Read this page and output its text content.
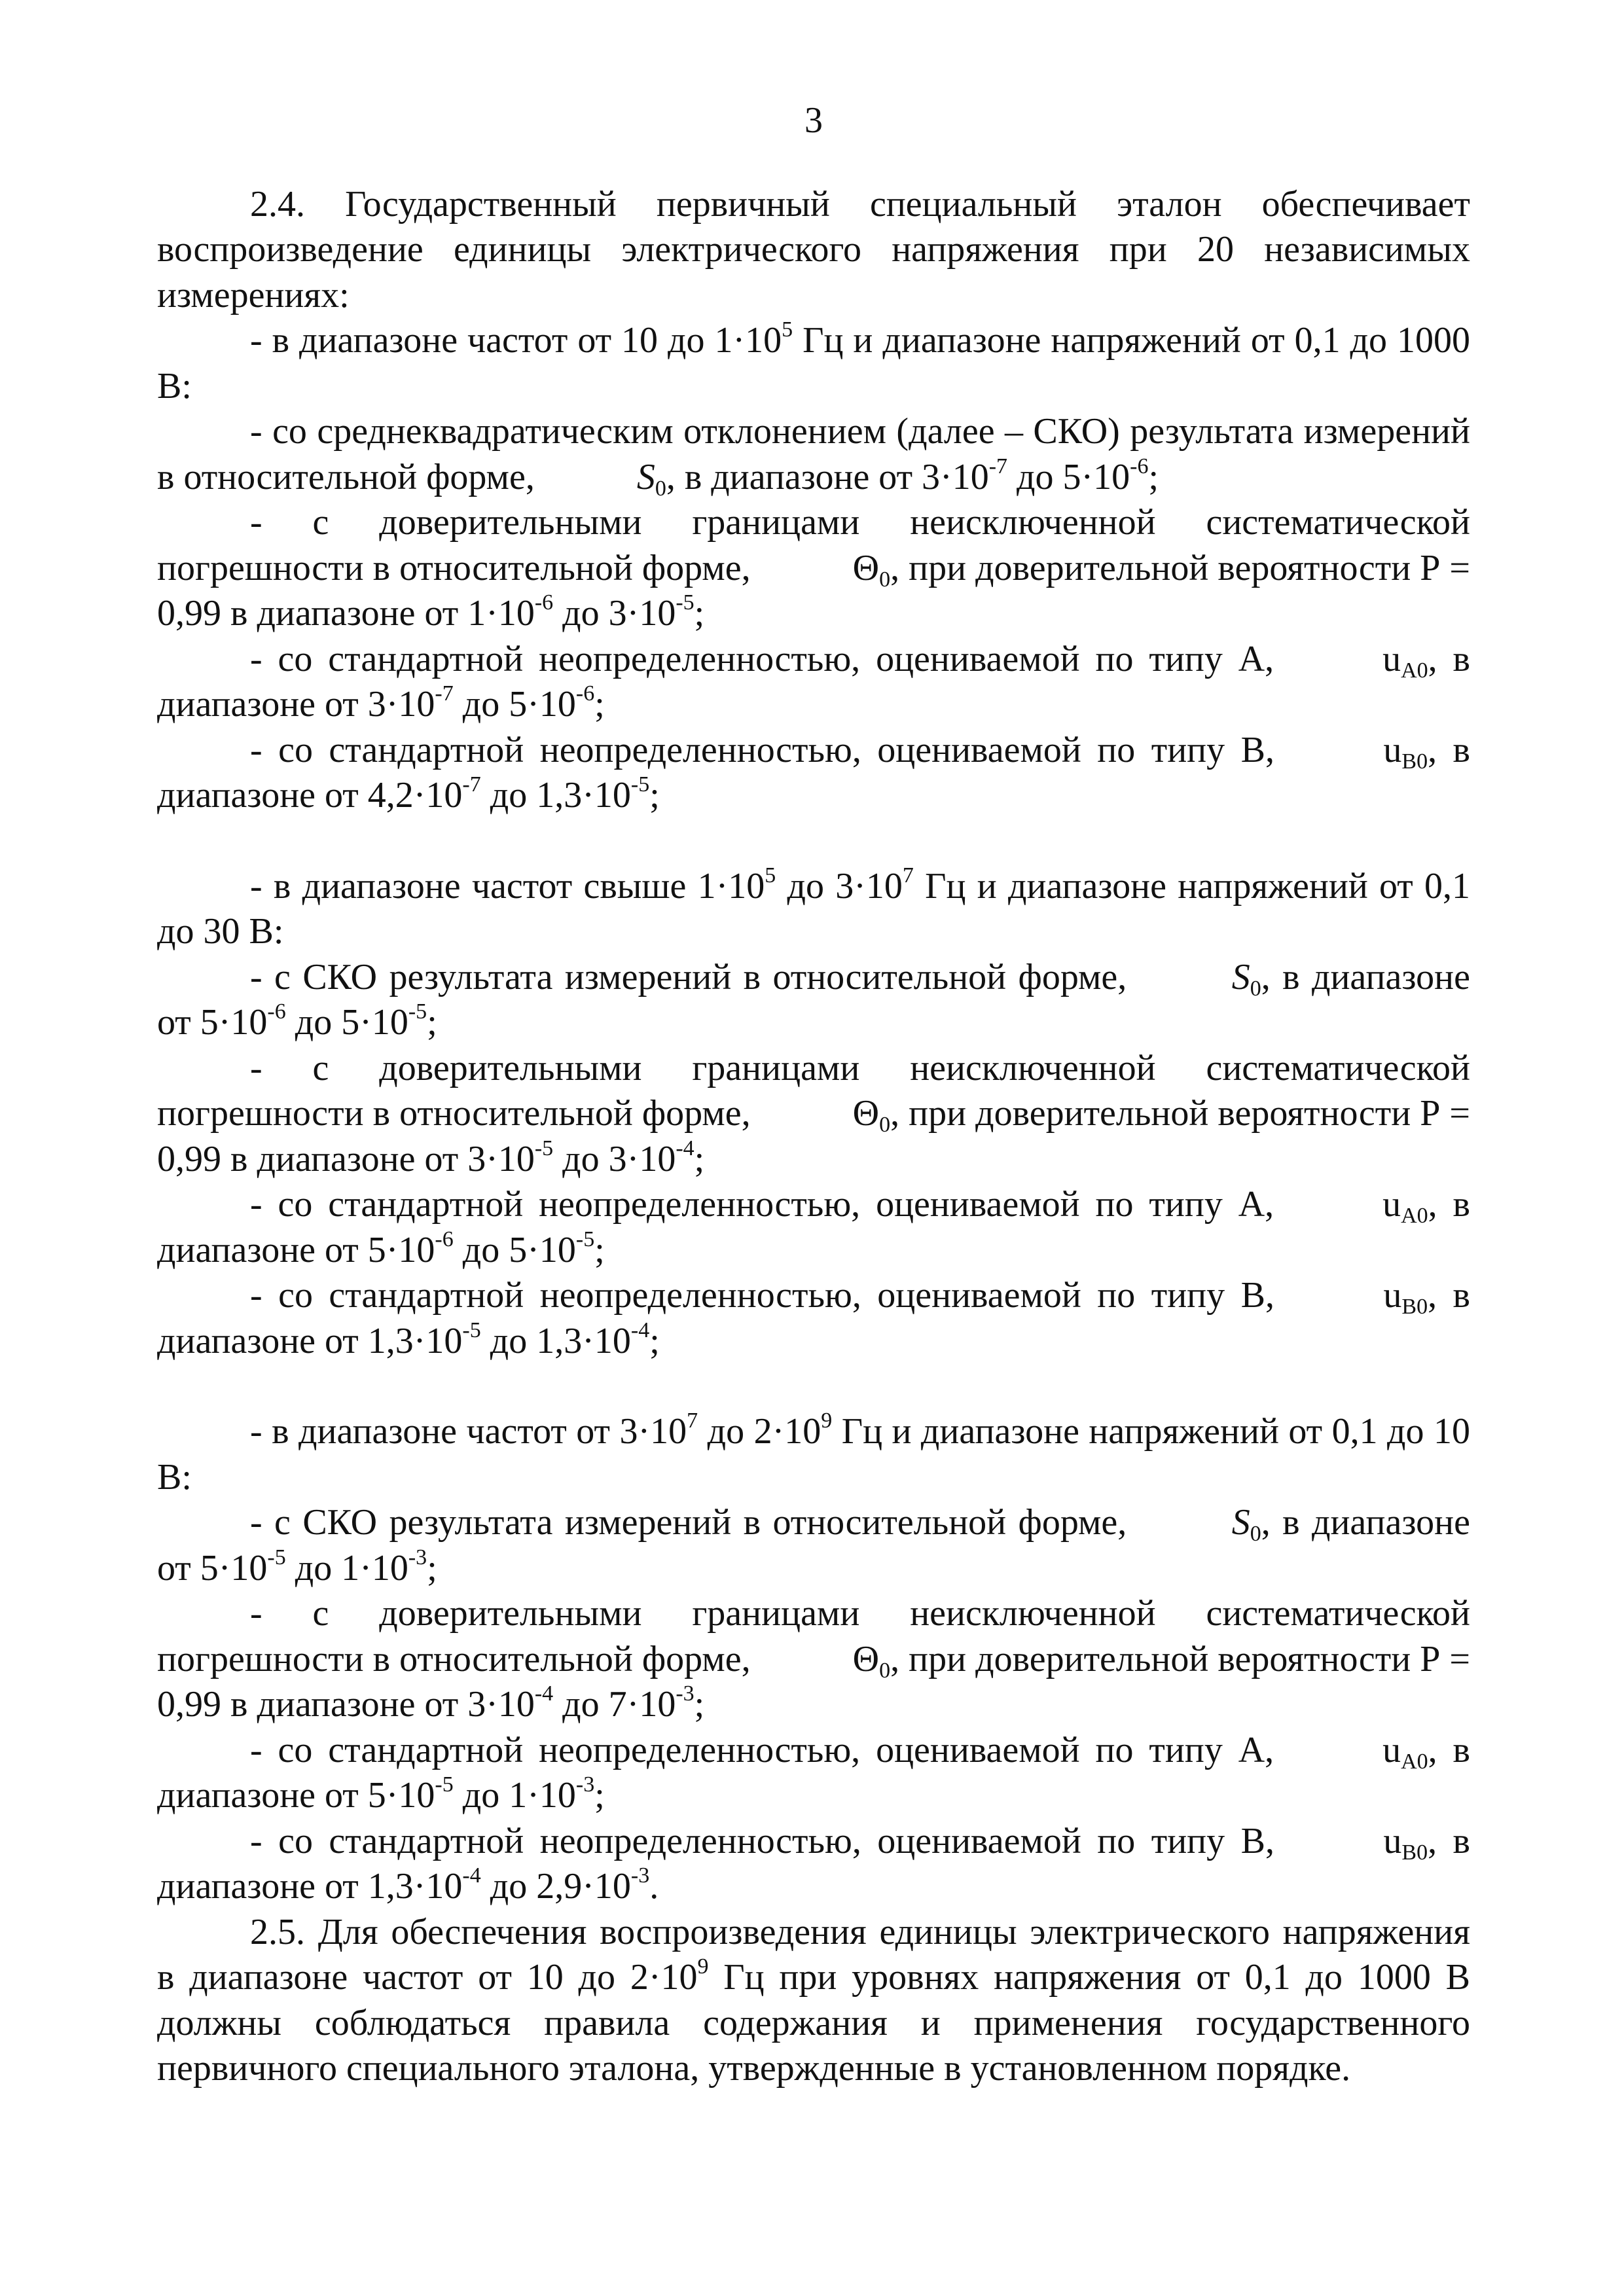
3

2.4. Государственный первичный специальный эталон обеспечивает воспроизведение единицы электрического напряжения при 20 независимых измерениях:

- в диапазоне частот от 10 до $1\cdot 10^5$ Гц и диапазоне напряжений от 0,1 до 1000 В:

- со среднеквадратическим отклонением (далее – СКО) результата измерений в относительной форме,	$S_0$, в диапазоне от $3\cdot 10^{-7}$ до $5\cdot 10^{-6}$;

- с доверительными границами неисключенной систематической погрешности в относительной форме,	$\Theta_0$, при доверительной вероятности Р = 0,99 в диапазоне от $1\cdot 10^{-6}$ до $3\cdot 10^{-5}$;

- со стандартной неопределенностью, оцениваемой по типу А,	$u_{A0}$, в диапазоне от $3\cdot 10^{-7}$ до $5\cdot 10^{-6}$;

- со стандартной неопределенностью, оцениваемой по типу В,	$u_{B0}$, в диапазоне от $4,2\cdot 10^{-7}$ до $1,3\cdot 10^{-5}$;

- в диапазоне частот свыше $1\cdot 10^5$ до $3\cdot 10^7$ Гц и диапазоне напряжений от 0,1 до 30 В:

- с СКО результата измерений в относительной форме,	$S_0$, в диапазоне от $5\cdot 10^{-6}$ до $5\cdot 10^{-5}$;

- с доверительными границами неисключенной систематической погрешности в относительной форме,	$\Theta_0$, при доверительной вероятности Р = 0,99 в диапазоне от $3\cdot 10^{-5}$ до $3\cdot 10^{-4}$;

- со стандартной неопределенностью, оцениваемой по типу А,	$u_{A0}$, в диапазоне от $5\cdot 10^{-6}$ до $5\cdot 10^{-5}$;

- со стандартной неопределенностью, оцениваемой по типу В,	$u_{B0}$, в диапазоне от $1,3\cdot 10^{-5}$ до $1,3\cdot 10^{-4}$;

- в диапазоне частот от $3\cdot 10^7$ до $2\cdot 10^9$ Гц и диапазоне напряжений от 0,1 до 10 В:

- с СКО результата измерений в относительной форме,	$S_0$, в диапазоне от $5\cdot 10^{-5}$ до $1\cdot 10^{-3}$;

- с доверительными границами неисключенной систематической погрешности в относительной форме,	$\Theta_0$, при доверительной вероятности Р = 0,99 в диапазоне от $3\cdot 10^{-4}$ до $7\cdot 10^{-3}$;

- со стандартной неопределенностью, оцениваемой по типу А,	$u_{A0}$, в диапазоне от $5\cdot 10^{-5}$ до $1\cdot 10^{-3}$;

- со стандартной неопределенностью, оцениваемой по типу В,	$u_{B0}$, в диапазоне от $1,3\cdot 10^{-4}$ до $2,9\cdot 10^{-3}$.

2.5. Для обеспечения воспроизведения единицы электрического напряжения в диапазоне частот от 10 до $2\cdot 10^9$ Гц при уровнях напряжения от 0,1 до 1000 В должны соблюдаться правила содержания и применения государственного первичного специального эталона, утвержденные в установленном порядке.
